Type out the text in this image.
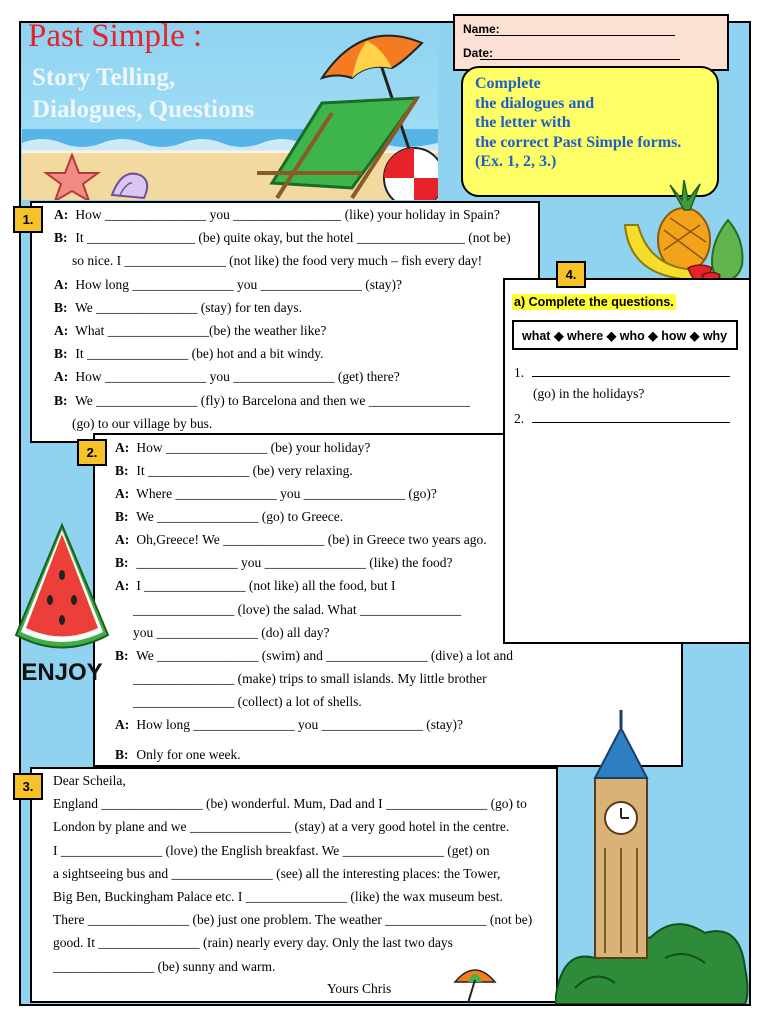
Past Simple :
Story Telling,
Dialogues, Questions
Name:
Date:
Complete
the dialogues and
the letter with
the correct Past Simple forms.
(Ex. 1, 2, 3.)
1.	A: How _______________ you ________________ (like) your holiday in Spain?
B: It ________________ (be) quite okay, but the hotel ________________ (not be)
so nice. I _______________ (not like) the food very much – fish every day!
A: How long _______________ you _______________ (stay)?
B: We _______________ (stay) for ten days.
A: What _______________(be) the weather like?
B: It _______________ (be) hot and a bit windy.
A: How _______________ you _______________ (get) there?
B: We _______________ (fly) to Barcelona and then we _______________
(go) to our village by bus.
4.
a) Complete the questions.
what ◆ where ◆ who ◆ how ◆ why
1.
(go) in the holidays?
2.
2.	A: How _______________ (be) your holiday?
B: It _______________ (be) very relaxing.
A: Where _______________ you _______________ (go)?
B: We _______________ (go) to Greece.
A: Oh,Greece! We _______________ (be) in Greece two years ago.
B: _______________ you _______________ (like) the food?
A: I _______________ (not like) all the food, but I
_______________ (love) the salad. What _______________
you _______________ (do) all day?
B: We _______________ (swim) and _______________ (dive) a lot and
_______________ (make) trips to small islands. My little brother
_______________ (collect) a lot of shells.
A: How long _______________ you _______________ (stay)?
B: Only for one week.
ENJOY
3.	Dear Scheila,
England _______________ (be) wonderful. Mum, Dad and I _______________ (go) to
London by plane and we _______________ (stay) at a very good hotel in the centre.
I _______________ (love) the English breakfast. We _______________ (get) on
a sightseeing bus and _______________ (see) all the interesting places: the Tower,
Big Ben, Buckingham Palace etc. I _______________ (like) the wax museum best.
There _______________ (be) just one problem. The weather _______________ (not be)
good. It _______________ (rain) nearly every day. Only the last two days
_______________ (be) sunny and warm.
Yours Chris
